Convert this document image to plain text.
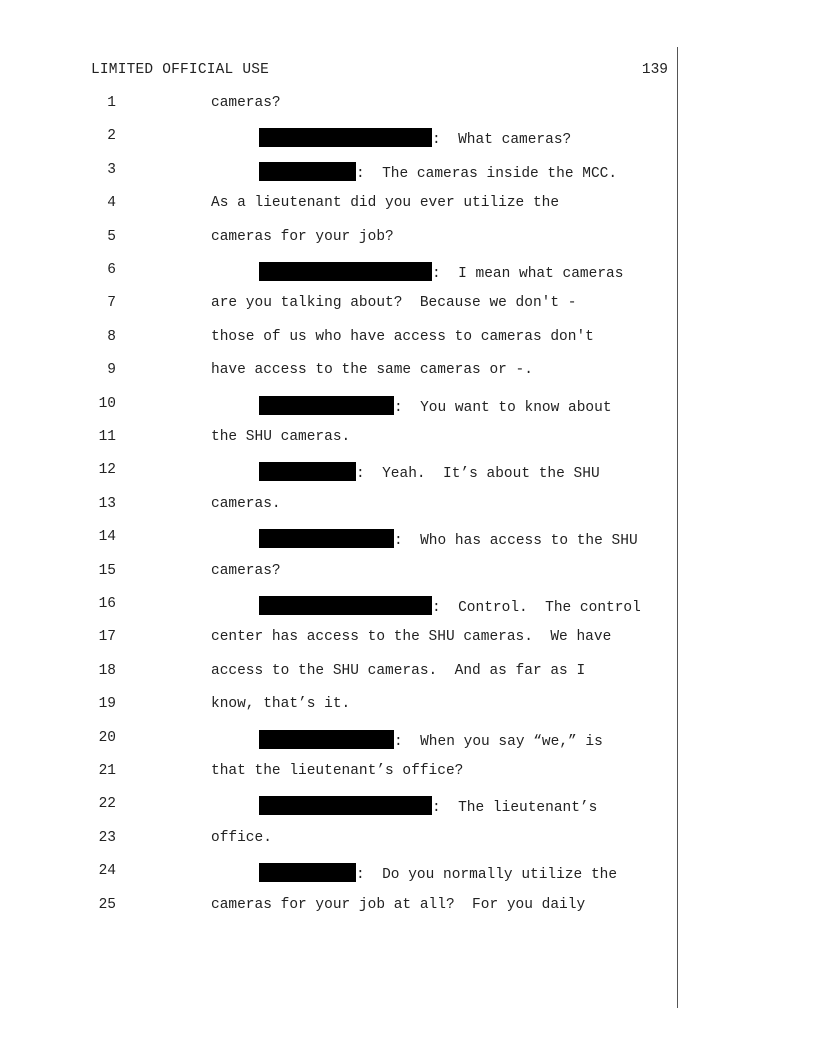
LIMITED OFFICIAL USE	139
1	cameras?
2	:  What cameras?
3	:  The cameras inside the MCC.
4	As a lieutenant did you ever utilize the
5	cameras for your job?
6	:  I mean what cameras
7	are you talking about?  Because we don't -
8	those of us who have access to cameras don't
9	have access to the same cameras or -.
10	:  You want to know about
11	the SHU cameras.
12	:  Yeah.  It’s about the SHU
13	cameras.
14	:  Who has access to the SHU
15	cameras?
16	:  Control.  The control
17	center has access to the SHU cameras.  We have
18	access to the SHU cameras.  And as far as I
19	know, that’s it.
20	:  When you say “we,” is
21	that the lieutenant’s office?
22	:  The lieutenant’s
23	office.
24	:  Do you normally utilize the
25	cameras for your job at all?  For you daily
